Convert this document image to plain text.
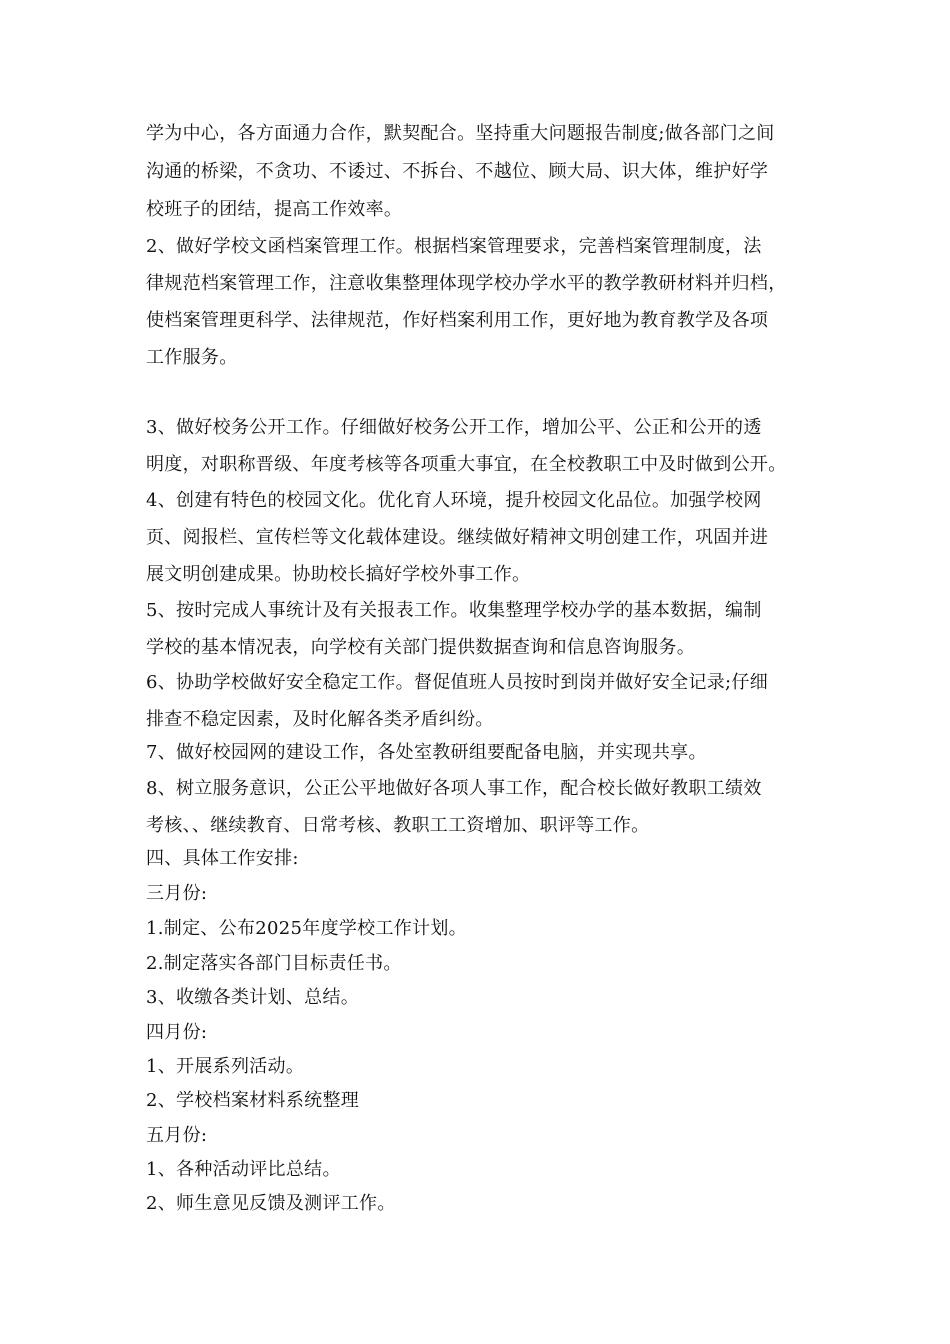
学为中心，各方面通力合作，默契配合。坚持重大问题报告制度;做各部门之间
沟通的桥梁，不贪功、不诿过、不拆台、不越位、顾大局、识大体，维护好学
校班子的团结，提高工作效率。
2、做好学校文函档案管理工作。根据档案管理要求，完善档案管理制度，法
律规范档案管理工作，注意收集整理体现学校办学水平的教学教研材料并归档，
使档案管理更科学、法律规范，作好档案利用工作，更好地为教育教学及各项
工作服务。
3、做好校务公开工作。仔细做好校务公开工作，增加公平、公正和公开的透
明度，对职称晋级、年度考核等各项重大事宜，在全校教职工中及时做到公开。
4、创建有特色的校园文化。优化育人环境，提升校园文化品位。加强学校网
页、阅报栏、宣传栏等文化载体建设。继续做好精神文明创建工作，巩固并进
展文明创建成果。协助校长搞好学校外事工作。
5、按时完成人事统计及有关报表工作。收集整理学校办学的基本数据，编制
学校的基本情况表，向学校有关部门提供数据查询和信息咨询服务。
6、协助学校做好安全稳定工作。督促值班人员按时到岗并做好安全记录;仔细
排查不稳定因素，及时化解各类矛盾纠纷。
7、做好校园网的建设工作，各处室教研组要配备电脑，并实现共享。
8、树立服务意识，公正公平地做好各项人事工作，配合校长做好教职工绩效
考核、、继续教育、日常考核、教职工工资增加、职评等工作。
四、具体工作安排:
三月份:
1.制定、公布2025年度学校工作计划。
2.制定落实各部门目标责任书。
3、收缴各类计划、总结。
四月份:
1、开展系列活动。
2、学校档案材料系统整理
五月份:
1、各种活动评比总结。
2、师生意见反馈及测评工作。
